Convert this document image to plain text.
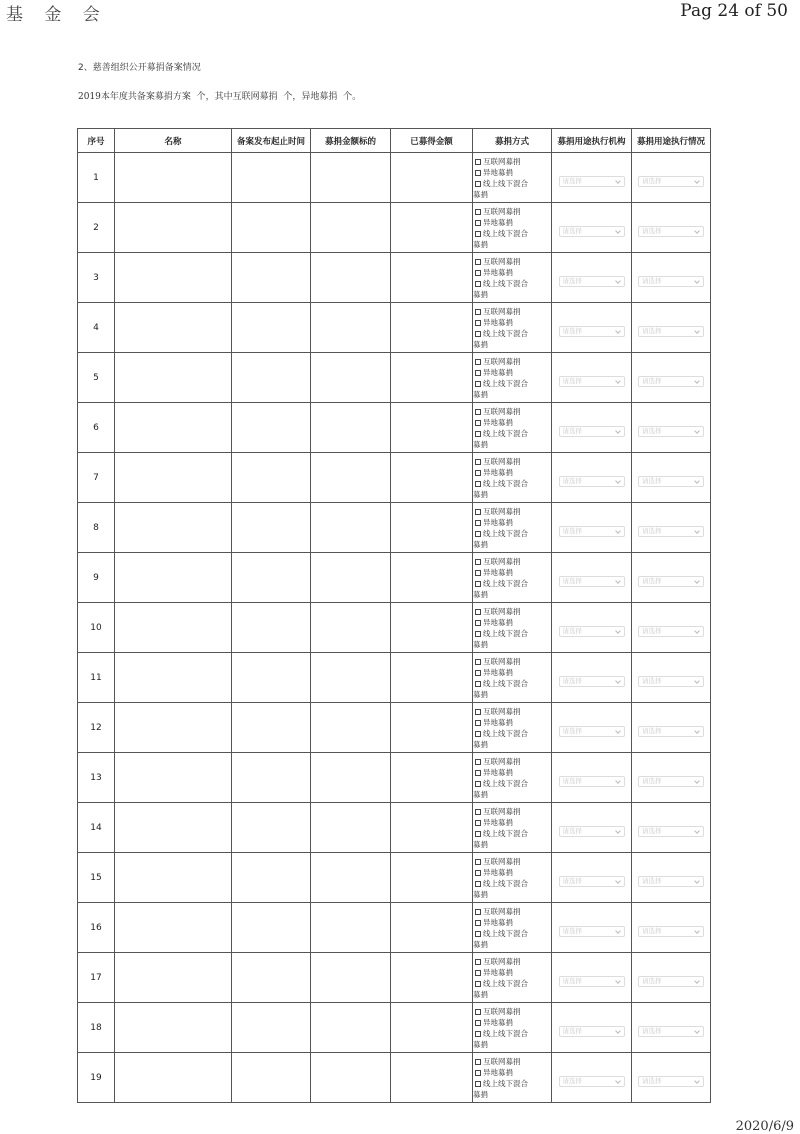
基 金 会	Pag 24 of 50
2、慈善组织公开募捐备案情况
2019本年度共备案募捐方案  个，其中互联网募捐  个，异地募捐  个。
序号	名称	备案发布起止时间	募捐金额标的	已募得金额	募捐方式	募捐用途执行机构	募捐用途执行情况
1					互联网募捐
异地募捐
线上线下混合
募捐	请选择	请选择

2					互联网募捐
异地募捐
线上线下混合
募捐	请选择	请选择

3					互联网募捐
异地募捐
线上线下混合
募捐	请选择	请选择

4					互联网募捐
异地募捐
线上线下混合
募捐	请选择	请选择

5					互联网募捐
异地募捐
线上线下混合
募捐	请选择	请选择

6					互联网募捐
异地募捐
线上线下混合
募捐	请选择	请选择

7					互联网募捐
异地募捐
线上线下混合
募捐	请选择	请选择

8					互联网募捐
异地募捐
线上线下混合
募捐	请选择	请选择

9					互联网募捐
异地募捐
线上线下混合
募捐	请选择	请选择

10					互联网募捐
异地募捐
线上线下混合
募捐	请选择	请选择

11					互联网募捐
异地募捐
线上线下混合
募捐	请选择	请选择

12					互联网募捐
异地募捐
线上线下混合
募捐	请选择	请选择

13					互联网募捐
异地募捐
线上线下混合
募捐	请选择	请选择

14					互联网募捐
异地募捐
线上线下混合
募捐	请选择	请选择

15					互联网募捐
异地募捐
线上线下混合
募捐	请选择	请选择

16					互联网募捐
异地募捐
线上线下混合
募捐	请选择	请选择

17					互联网募捐
异地募捐
线上线下混合
募捐	请选择	请选择

18					互联网募捐
异地募捐
线上线下混合
募捐	请选择	请选择

19					互联网募捐
异地募捐
线上线下混合
募捐	请选择	请选择
2020/6/9
